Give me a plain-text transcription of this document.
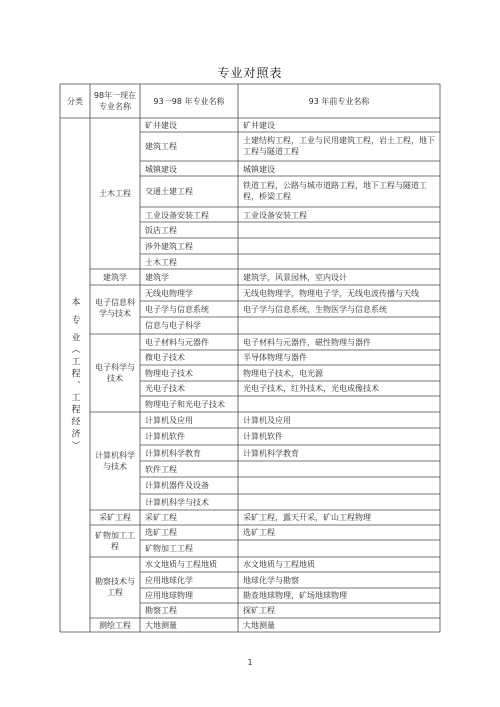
专业对照表
分类
98年一现在专业名称
93一98 年专业名称	93 年前专业名称
本 专 业（工程、工程经济）
土木工程
建筑学
电子信息科学与技术
电子科学与技术
计算机科学与技术
采矿工程
矿物加工工程
勘察技术与工程
测绘工程
矿井建设
建筑工程
城镇建设
交通土建工程
工业设备安装工程
饭店工程
涉外建筑工程
土木工程
建筑学
无线电物理学
电子学与信息系统
信息与电子科学
电子材料与元器件
微电子技术
物理电子技术
光电子技术
物理电子和光电子技术
计算机及应用
计算机软件
计算机科学教育
软件工程
计算机器件及设备
计算机科学与技术
采矿工程
选矿工程
矿物加工工程
水文地质与工程地质
应用地球化学
应用地球物理
勘察工程
大地测量
矿井建设
土建结构工程，工业与民用建筑工程，岩土工程，地下工程与隧道工程
城镇建设
铁道工程，公路与城市道路工程，地下工程与隧道工程，桥梁工程
工业设备安装工程
建筑学，风景园林，室内设计
无线电物理学，物理电子学，无线电波传播与天线
电子学与信息系统，生物医学与信息系统
电子材料与元器件，磁性物理与器件
半导体物理与器件
物理电子技术，电光源
光电子技术，红外技术，光电成像技术
计算机及应用
计算机软件
计算机科学教育
采矿工程，露天开采，矿山工程物理
选矿工程
水文地质与工程地质
地球化学与勘察
勘查地球物理，矿场地球物理
探矿工程
大地测量
1
